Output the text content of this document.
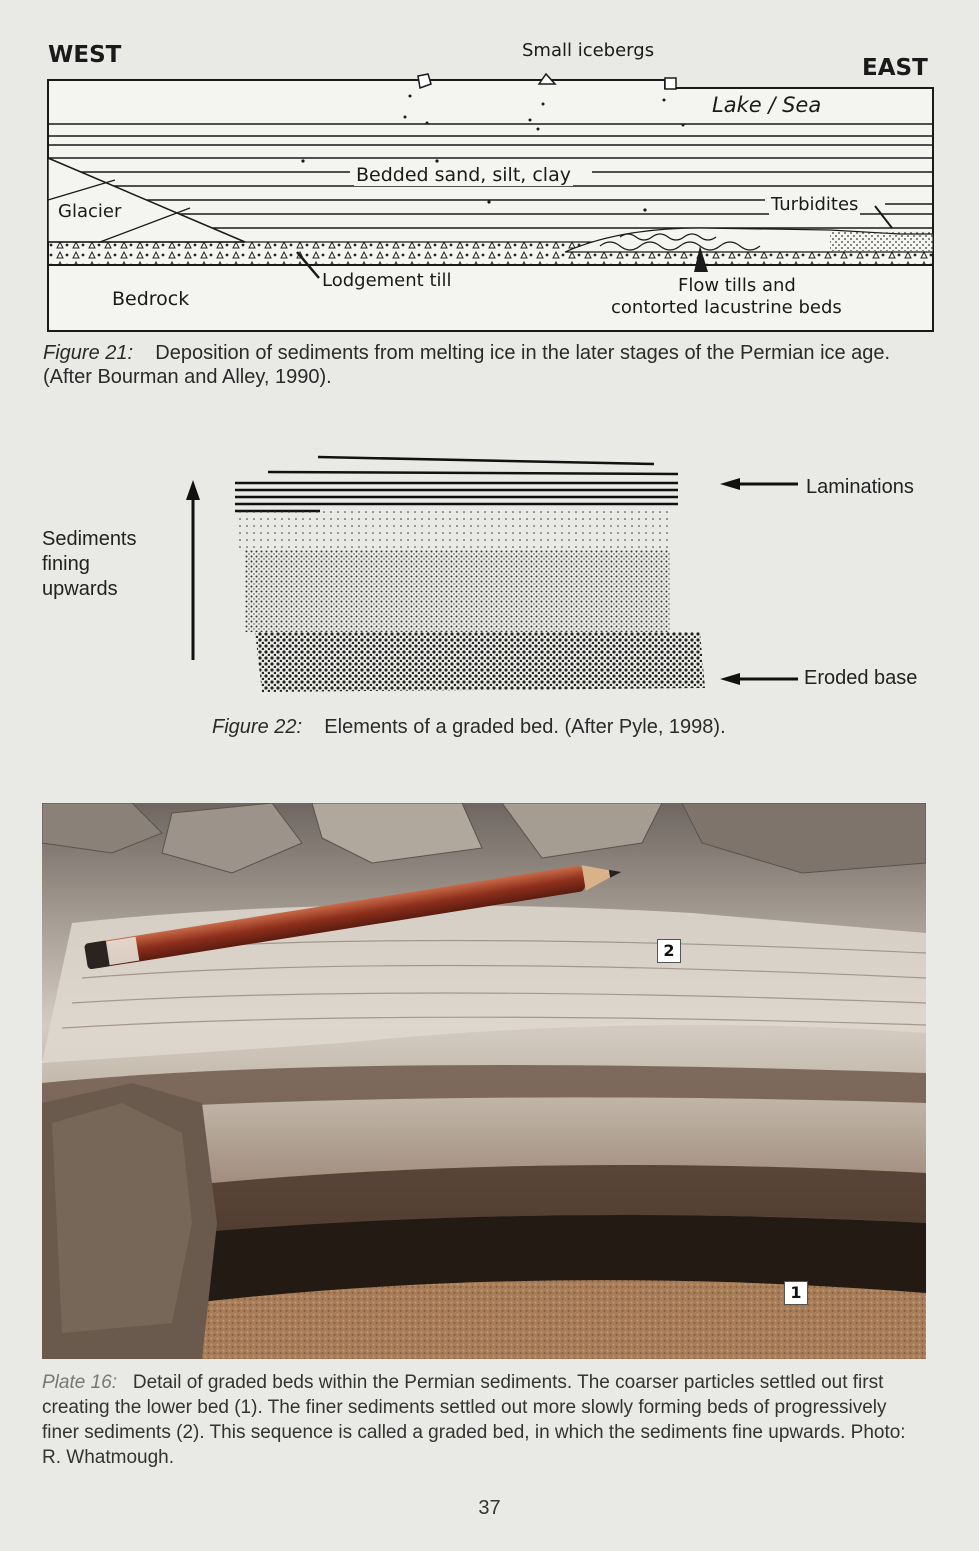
WEST	EAST
Small icebergs
Lake / Sea
Bedded sand, silt, clay
Glacier	Turbidites
Lodgement till
Bedrock
Flow tills and
contorted lacustrine beds
Figure 21: Deposition of sediments from melting ice in the later stages of the Permian ice age. (After Bourman and Alley, 1990).
Sediments
fining
upwards
Laminations
Eroded base
Figure 22: Elements of a graded bed. (After Pyle, 1998).
2
1
Plate 16: Detail of graded beds within the Permian sediments. The coarser particles settled out first creating the lower bed (1). The finer sediments settled out more slowly forming beds of progressively finer sediments (2). This sequence is called a graded bed, in which the sediments fine upwards. Photo: R. Whatmough.
37
